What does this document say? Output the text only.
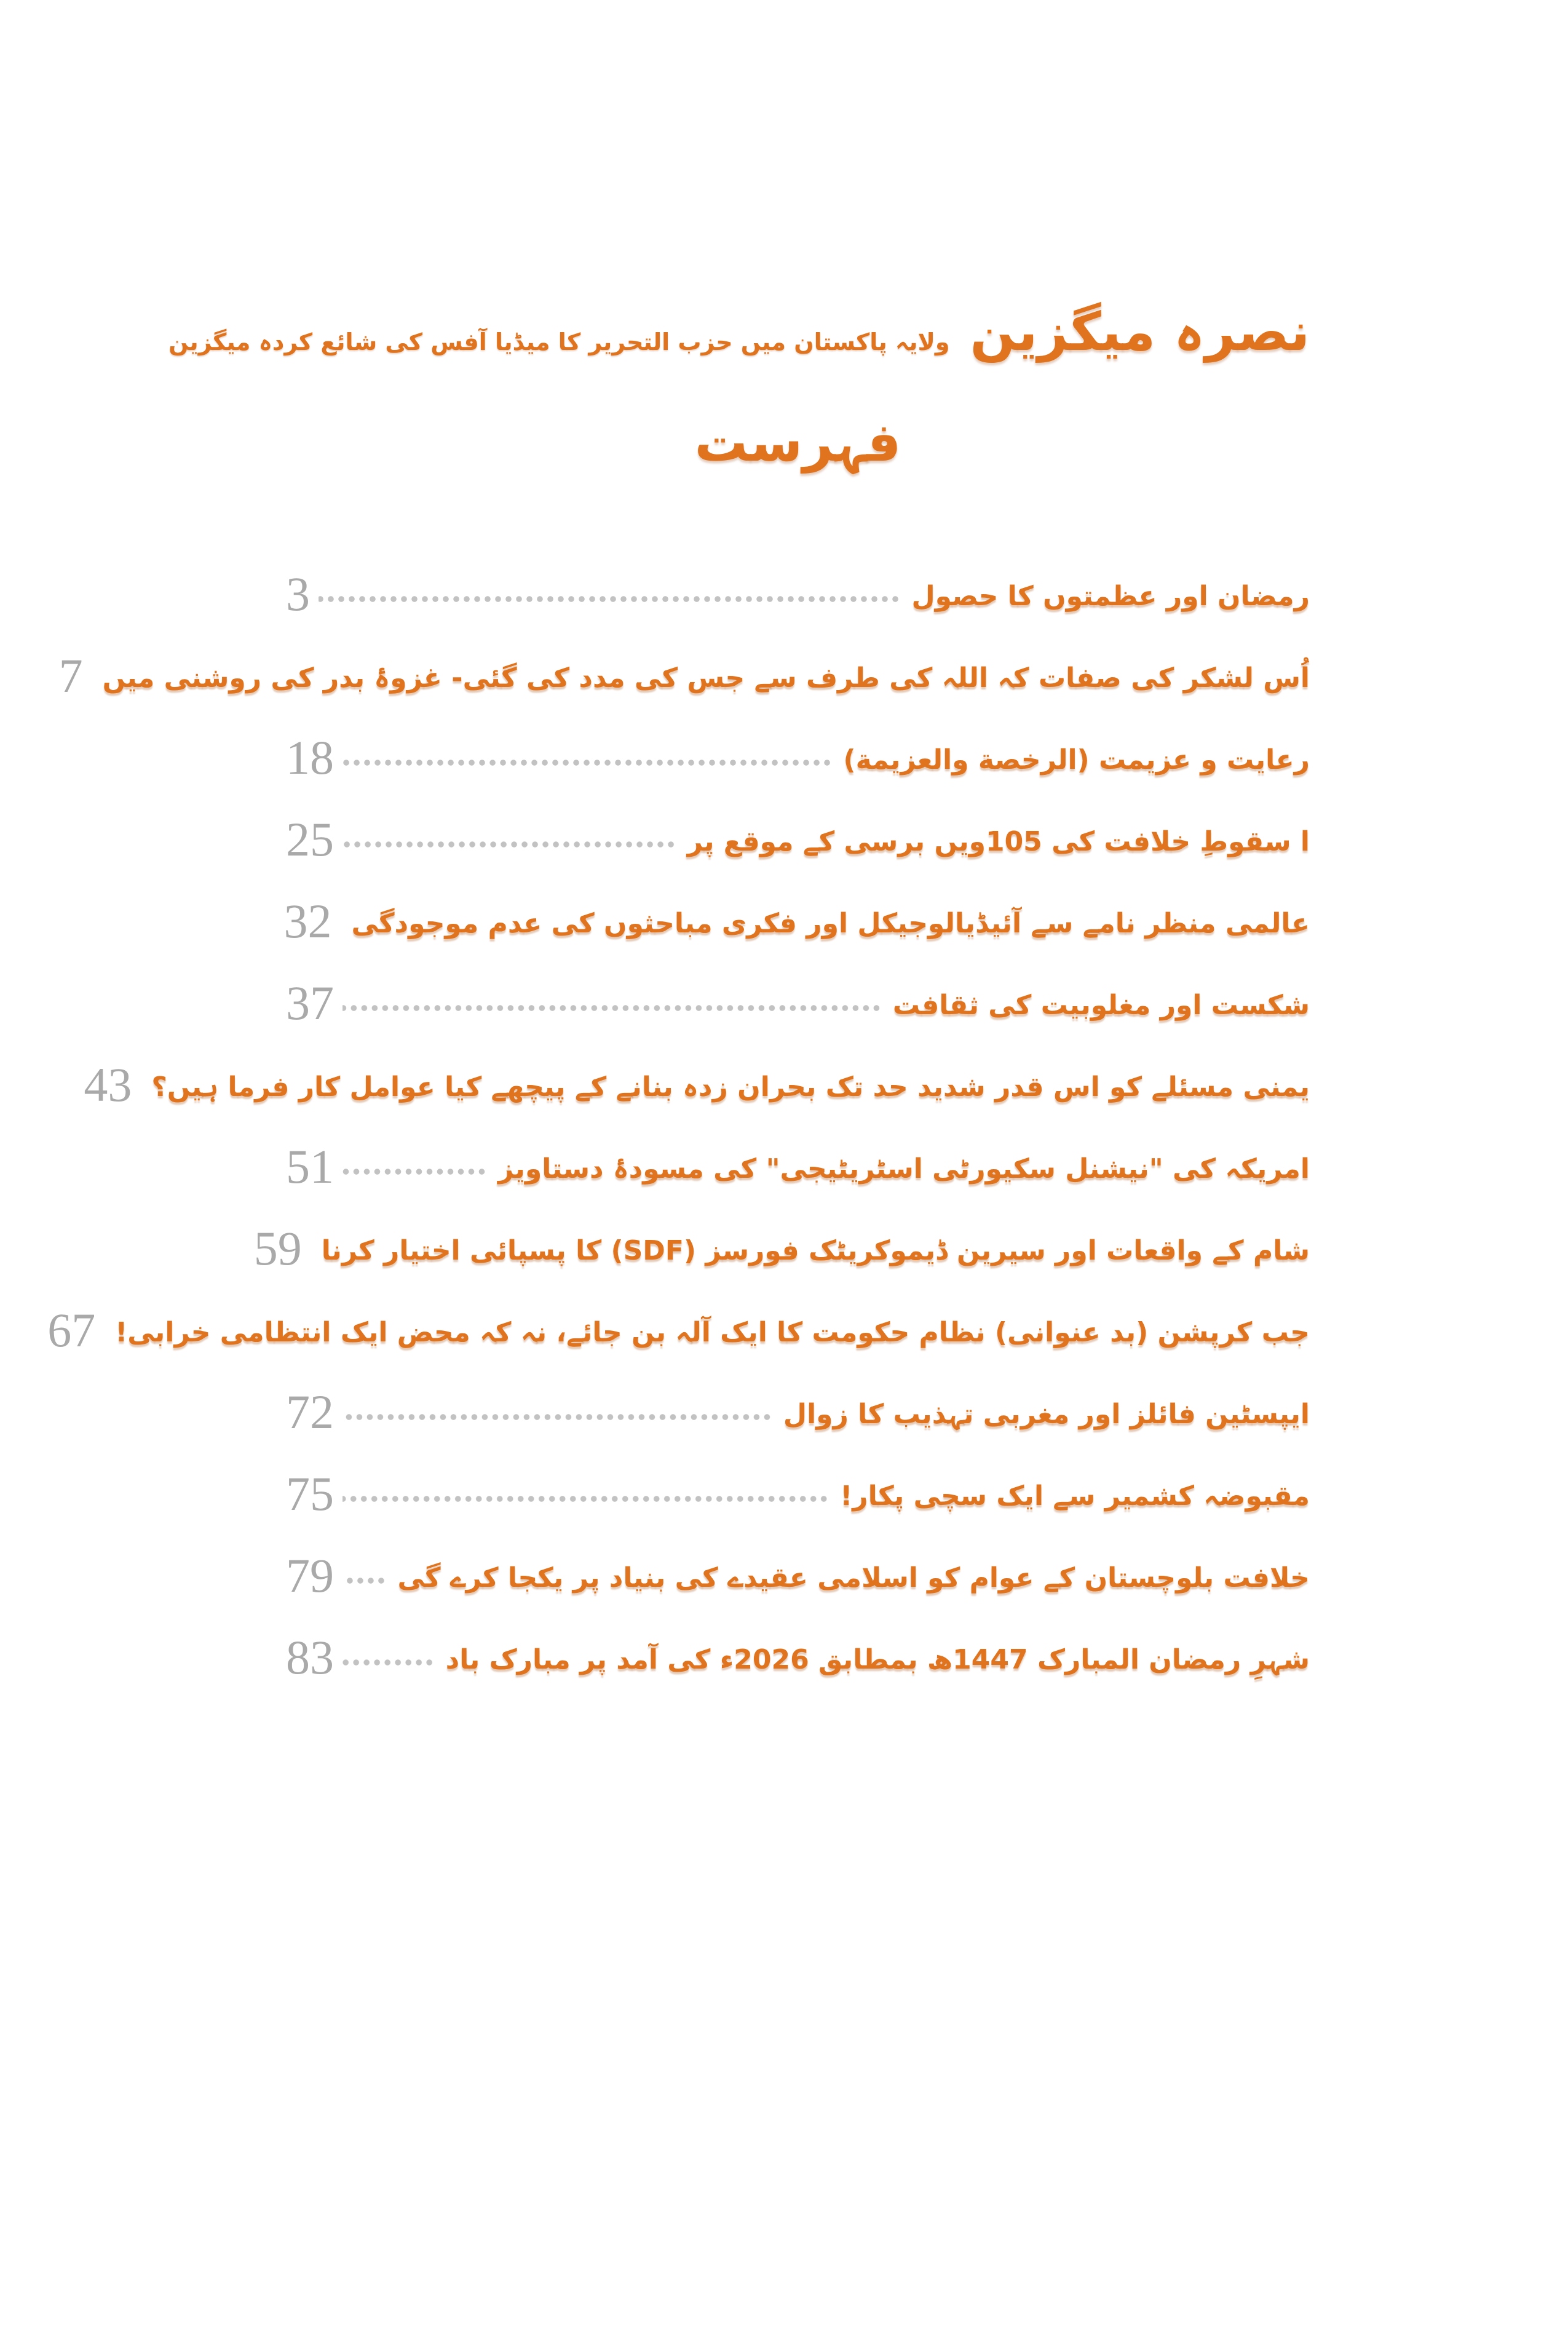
نصرہ میگزین ولایہ پاکستان میں حزب التحریر کا میڈیا آفس کی شائع کردہ میگزین
فہرست
رمضان اور عظمتوں کا حصول
3
اُس لشکر کی صفات کہ اللہ کی طرف سے جس کی مدد کی گئی- غزوۂ بدر کی روشنی میں
7
رعایت و عزیمت (الرخصة والعزیمة)
18
ا سقوطِ خلافت کی 105ویں برسی کے موقع پر
25
عالمی منظر نامے سے آئیڈیالوجیکل اور فکری مباحثوں کی عدم موجودگی
32
شکست اور مغلوبیت کی ثقافت
37
یمنی مسئلے کو اس قدر شدید حد تک بحران زدہ بنانے کے پیچھے کیا عوامل کار فرما ہیں؟
43
امریکہ کی "نیشنل سکیورٹی اسٹریٹیجی" کی مسودۂ دستاویز
51
شام کے واقعات اور سیرین ڈیموکریٹک فورسز (SDF) کا پسپائی اختیار کرنا
59
جب کرپشن (بد عنوانی) نظام حکومت کا ایک آلہ بن جائے، نہ کہ محض ایک انتظامی خرابی!
67
ایپسٹین فائلز اور مغربی تہذیب کا زوال
72
مقبوضہ کشمیر سے ایک سچی پکار!
75
خلافت بلوچستان کے عوام کو اسلامی عقیدے کی بنیاد پر یکجا کرے گی
79
شہرِ رمضان المبارک 1447ھ بمطابق 2026ء کی آمد پر مبارک باد
83
